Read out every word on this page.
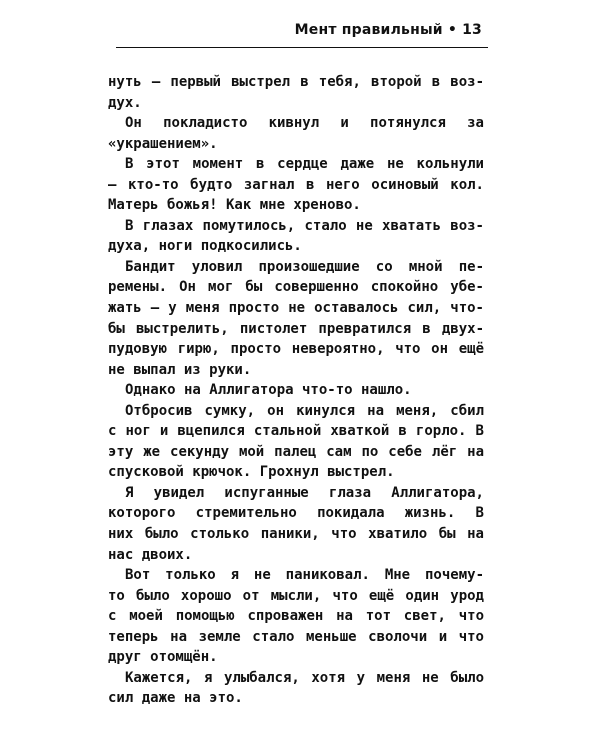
Мент правильный • 13
нуть — первый выстрел в тебя, второй в воз-
дух.
Он покладисто кивнул и потянулся за
«украшением».
В этот момент в сердце даже не кольнули
— кто-то будто загнал в него осиновый кол.
Матерь божья! Как мне хреново.
В глазах помутилось, стало не хватать воз-
духа, ноги подкосились.
Бандит уловил произошедшие со мной пе-
ремены. Он мог бы совершенно спокойно убе-
жать — у меня просто не оставалось сил, что-
бы выстрелить, пистолет превратился в двух-
пудовую гирю, просто невероятно, что он ещё
не выпал из руки.
Однако на Аллигатора что-то нашло.
Отбросив сумку, он кинулся на меня, сбил
с ног и вцепился стальной хваткой в горло. В
эту же секунду мой палец сам по себе лёг на
спусковой крючок. Грохнул выстрел.
Я увидел испуганные глаза Аллигатора,
которого стремительно покидала жизнь. В
них было столько паники, что хватило бы на
нас двоих.
Вот только я не паниковал. Мне почему-
то было хорошо от мысли, что ещё один урод
с моей помощью спроважен на тот свет, что
теперь на земле стало меньше сволочи и что
друг отомщён.
Кажется, я улыбался, хотя у меня не было
сил даже на это.
